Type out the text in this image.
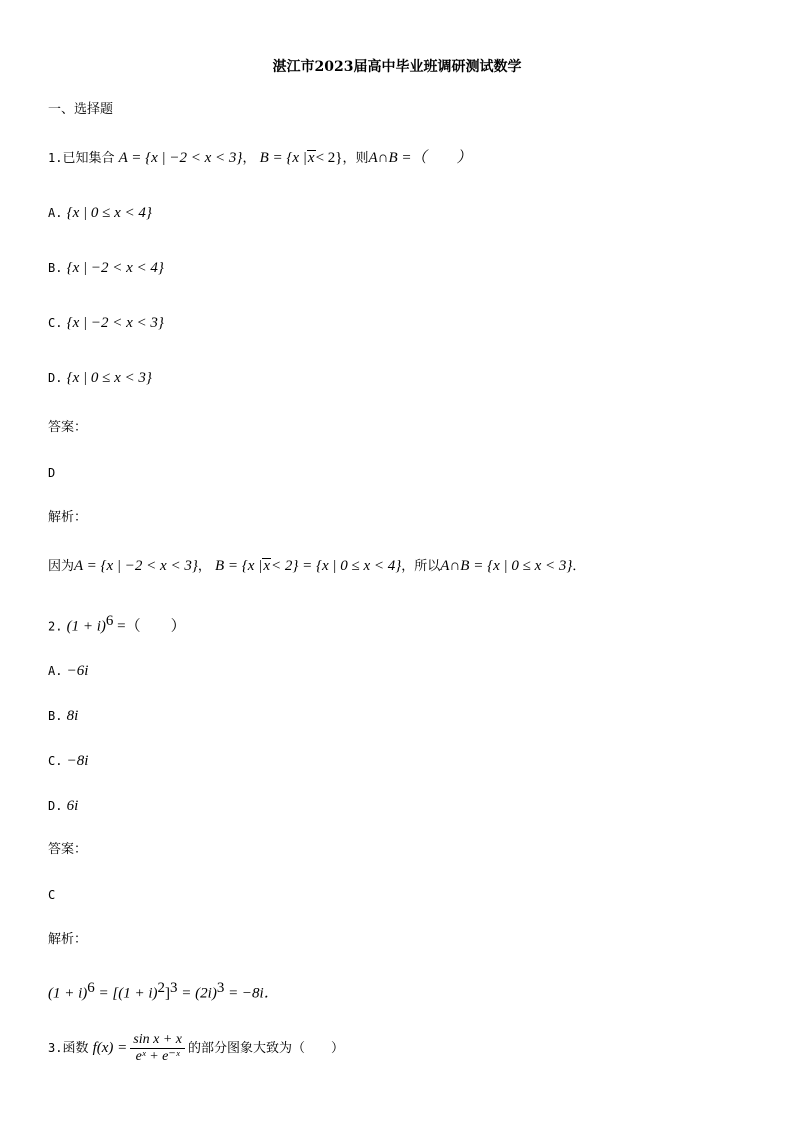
湛江市2023届高中毕业班调研测试数学
一、选择题
1.已知集合 A = {x | −2 < x < 3}， B = {x |x< 2}，则A∩B =（　　）
A. {x | 0 ≤ x < 4}
B. {x | −2 < x < 4}
C. {x | −2 < x < 3}
D. {x | 0 ≤ x < 3}
答案：
D
解析：
因为A = {x | −2 < x < 3}， B = {x |x< 2} = {x | 0 ≤ x < 4}，所以A∩B = {x | 0 ≤ x < 3}．
2. $(1 + i)^6$ =（　　）
A. −6i
B. 8i
C. −8i
D. 6i
答案：
C
解析：
$(1 + i)^6 = [(1 + i)^2]^3 = (2i)^3 = -8i$．
3.函数 $f(x) = \frac{\text{sin x + x}}{\text{eˣ + e⁻ˣ}}$ 的部分图象大致为（　　）
